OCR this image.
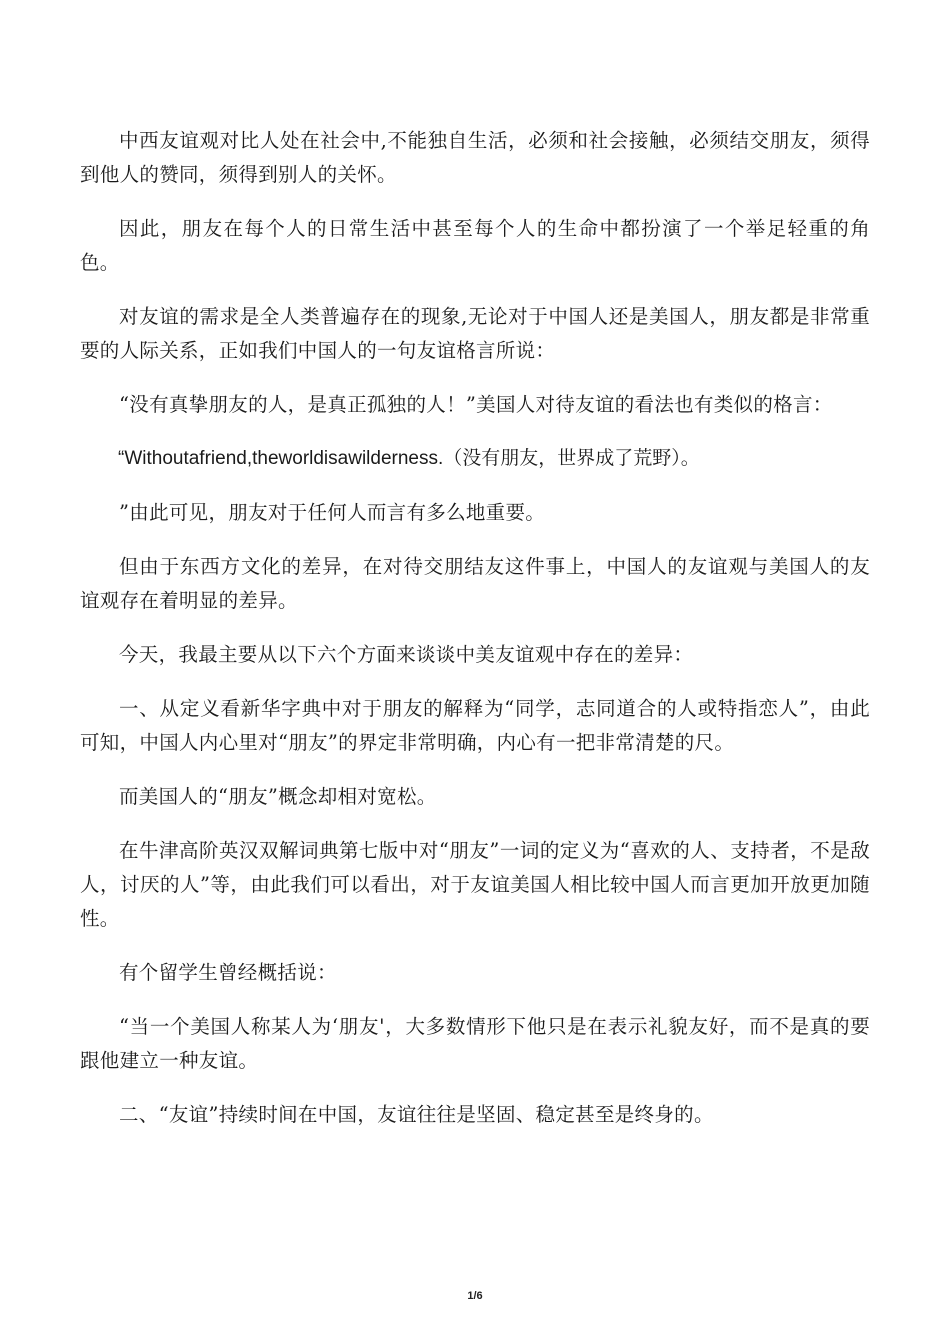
中西友谊观对比人处在社会中,不能独自生活，必须和社会接触，必须结交朋友，须得到他人的赞同，须得到别人的关怀。

因此，朋友在每个人的日常生活中甚至每个人的生命中都扮演了一个举足轻重的角色。

对友谊的需求是全人类普遍存在的现象,无论对于中国人还是美国人，朋友都是非常重要的人际关系，正如我们中国人的一句友谊格言所说：

“没有真挚朋友的人，是真正孤独的人！”美国人对待友谊的看法也有类似的格言：

“Withoutafriend,theworldisawilderness.（没有朋友，世界成了荒野）。

”由此可见，朋友对于任何人而言有多么地重要。

但由于东西方文化的差异，在对待交朋结友这件事上，中国人的友谊观与美国人的友谊观存在着明显的差异。

今天，我最主要从以下六个方面来谈谈中美友谊观中存在的差异：

一、从定义看新华字典中对于朋友的解释为“同学，志同道合的人或特指恋人”，由此可知，中国人内心里对“朋友”的界定非常明确，内心有一把非常清楚的尺。

而美国人的“朋友”概念却相对宽松。

在牛津高阶英汉双解词典第七版中对“朋友”一词的定义为“喜欢的人、支持者，不是敌人，讨厌的人”等，由此我们可以看出，对于友谊美国人相比较中国人而言更加开放更加随性。

有个留学生曾经概括说：

“当一个美国人称某人为‘朋友'，大多数情形下他只是在表示礼貌友好，而不是真的要跟他建立一种友谊。

二、“友谊”持续时间在中国，友谊往往是坚固、稳定甚至是终身的。

1/6
